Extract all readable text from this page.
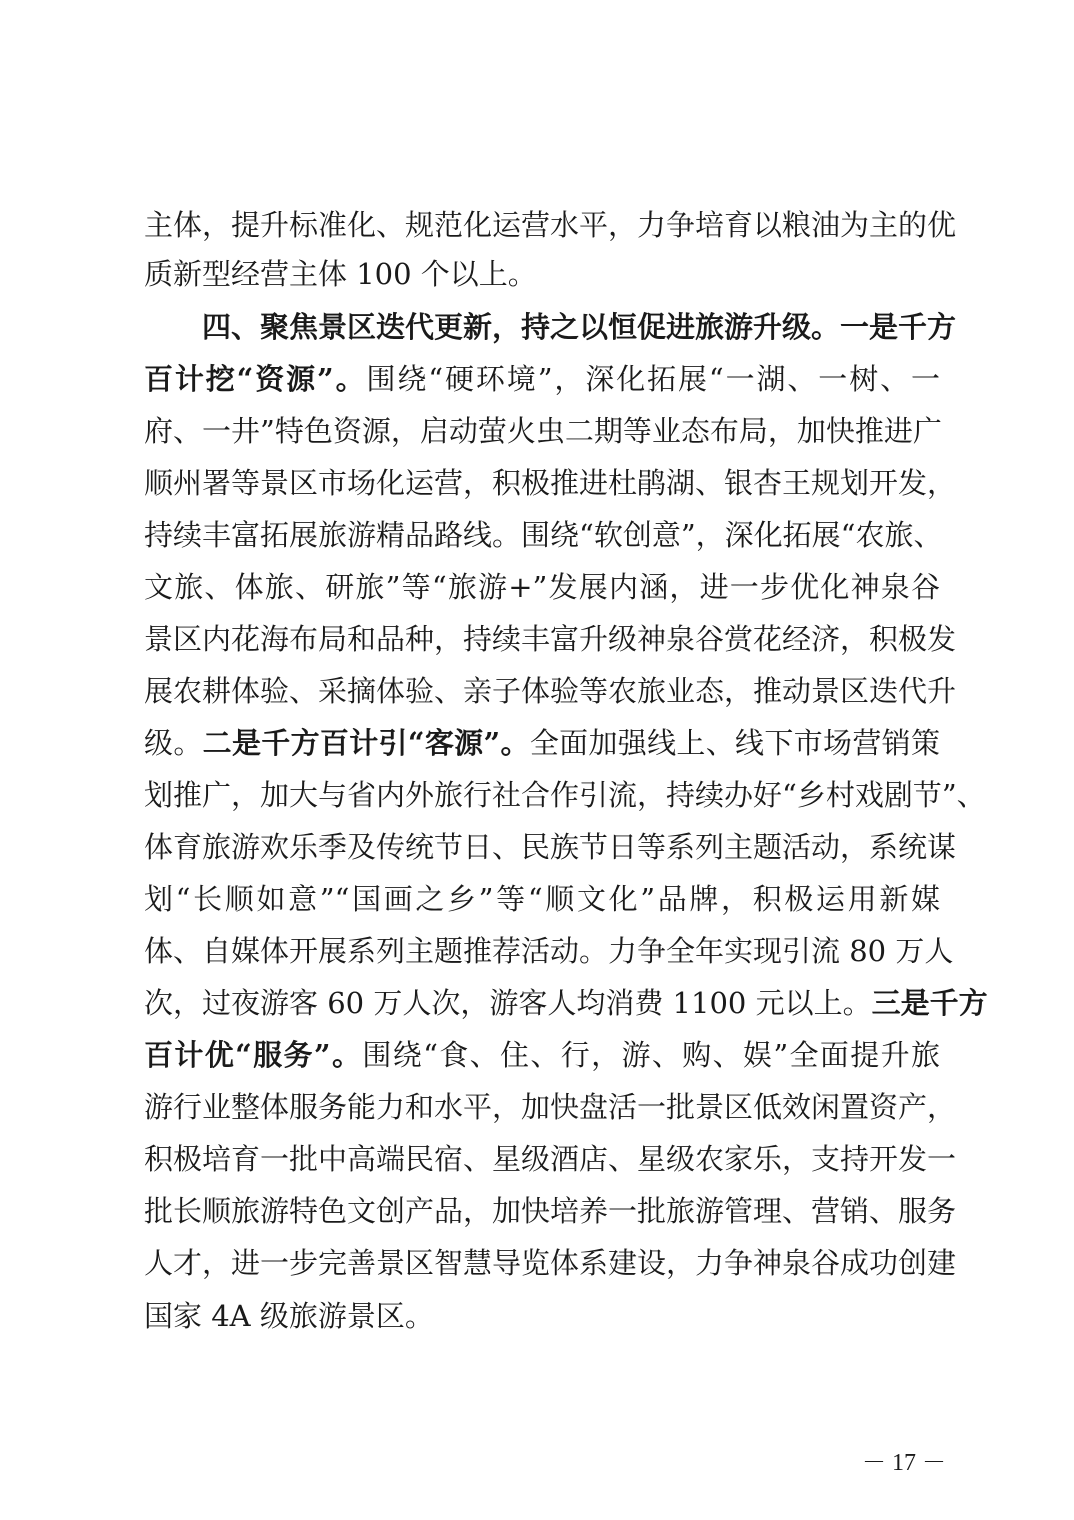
主体，提升标准化、规范化运营水平，力争培育以粮油为主的优
质新型经营主体 100 个以上。
四、聚焦景区迭代更新，持之以恒促进旅游升级。一是千方
百计挖“资源”。围绕“硬环境”，深化拓展“一湖、一树、一
府、一井”特色资源，启动萤火虫二期等业态布局，加快推进广
顺州署等景区市场化运营，积极推进杜鹃湖、银杏王规划开发，
持续丰富拓展旅游精品路线。围绕“软创意”，深化拓展“农旅、
文旅、体旅、研旅”等“旅游+”发展内涵，进一步优化神泉谷
景区内花海布局和品种，持续丰富升级神泉谷赏花经济，积极发
展农耕体验、采摘体验、亲子体验等农旅业态，推动景区迭代升
级。二是千方百计引“客源”。全面加强线上、线下市场营销策
划推广，加大与省内外旅行社合作引流，持续办好“乡村戏剧节”、
体育旅游欢乐季及传统节日、民族节日等系列主题活动，系统谋
划“长顺如意”“国画之乡”等“顺文化”品牌，积极运用新媒
体、自媒体开展系列主题推荐活动。力争全年实现引流 80 万人
次，过夜游客 60 万人次，游客人均消费 1100 元以上。三是千方
百计优“服务”。围绕“食、住、行，游、购、娱”全面提升旅
游行业整体服务能力和水平，加快盘活一批景区低效闲置资产，
积极培育一批中高端民宿、星级酒店、星级农家乐，支持开发一
批长顺旅游特色文创产品，加快培养一批旅游管理、营销、服务
人才，进一步完善景区智慧导览体系建设，力争神泉谷成功创建
国家 4A 级旅游景区。
－ 17 －
